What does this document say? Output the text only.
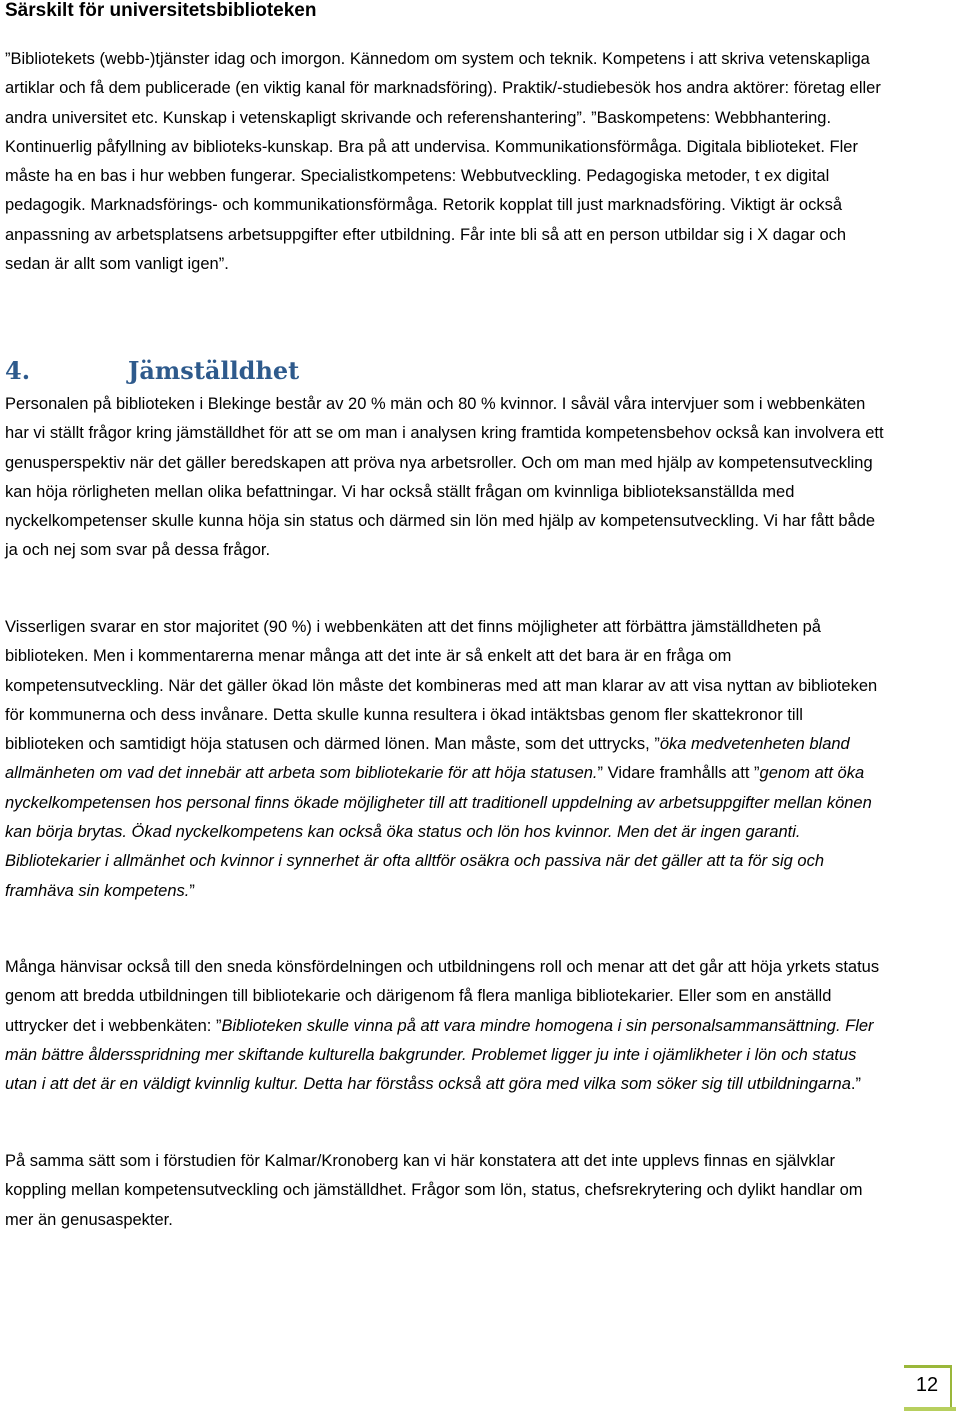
Särskilt för universitetsbiblioteken

”Bibliotekets (webb-)tjänster idag och imorgon. Kännedom om system och teknik. Kompetens i att skriva vetenskapliga artiklar och få dem publicerade (en viktig kanal för marknadsföring). Praktik/-studiebesök hos andra aktörer: företag eller andra universitet etc. Kunskap i vetenskapligt skrivande och referenshantering”. ”Baskompetens: Webbhantering. Kontinuerlig påfyllning av biblioteks-kunskap. Bra på att undervisa. Kommunikationsförmåga. Digitala biblioteket. Fler måste ha en bas i hur webben fungerar. Specialistkompetens: Webbutveckling. Pedagogiska metoder, t ex digital pedagogik. Marknadsförings- och kommunikationsförmåga. Retorik kopplat till just marknadsföring. Viktigt är också anpassning av arbetsplatsens arbetsuppgifter efter utbildning. Får inte bli så att en person utbildar sig i X dagar och sedan är allt som vanligt igen”.

4.	Jämställdhet

Personalen på biblioteken i Blekinge består av 20 % män och 80 % kvinnor. I såväl våra intervjuer som i webbenkäten har vi ställt frågor kring jämställdhet för att se om man i analysen kring framtida kompetensbehov också kan involvera ett genusperspektiv när det gäller beredskapen att pröva nya arbetsroller. Och om man med hjälp av kompetensutveckling kan höja rörligheten mellan olika befattningar. Vi har också ställt frågan om kvinnliga biblioteksanställda med nyckelkompetenser skulle kunna höja sin status och därmed sin lön med hjälp av kompetensutveckling. Vi har fått både ja och nej som svar på dessa frågor.

Visserligen svarar en stor majoritet (90 %) i webbenkäten att det finns möjligheter att förbättra jämställdheten på biblioteken. Men i kommentarerna menar många att det inte är så enkelt att det bara är en fråga om kompetensutveckling. När det gäller ökad lön måste det kombineras med att man klarar av att visa nyttan av biblioteken för kommunerna och dess invånare. Detta skulle kunna resultera i ökad intäktsbas genom fler skattekronor till biblioteken och samtidigt höja statusen och därmed lönen. Man måste, som det uttrycks, ”öka medvetenheten bland allmänheten om vad det innebär att arbeta som bibliotekarie för att höja statusen.” Vidare framhålls att ”genom att öka nyckelkompetensen hos personal finns ökade möjligheter till att traditionell uppdelning av arbetsuppgifter mellan könen kan börja brytas. Ökad nyckelkompetens kan också öka status och lön hos kvinnor. Men det är ingen garanti. Bibliotekarier i allmänhet och kvinnor i synnerhet är ofta alltför osäkra och passiva när det gäller att ta för sig och framhäva sin kompetens.”

Många hänvisar också till den sneda könsfördelningen och utbildningens roll och menar att det går att höja yrkets status genom att bredda utbildningen till bibliotekarie och därigenom få flera manliga bibliotekarier. Eller som en anställd uttrycker det i webbenkäten: ”Biblioteken skulle vinna på att vara mindre homogena i sin personalsammansättning. Fler män bättre åldersspridning mer skiftande kulturella bakgrunder. Problemet ligger ju inte i ojämlikheter i lön och status utan i att det är en väldigt kvinnlig kultur. Detta har förståss också att göra med vilka som söker sig till utbildningarna.”

På samma sätt som i förstudien för Kalmar/Kronoberg kan vi här konstatera att det inte upplevs finnas en självklar koppling mellan kompetensutveckling och jämställdhet. Frågor som lön, status, chefsrekrytering och dylikt handlar om mer än genusaspekter.

12
